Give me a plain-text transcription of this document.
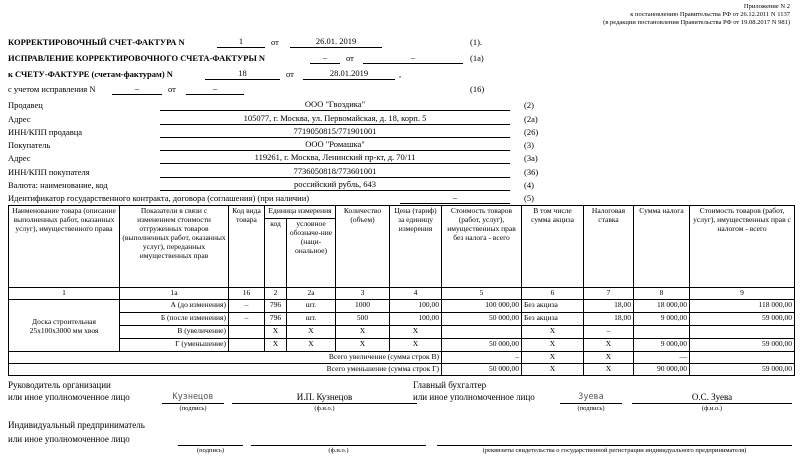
Приложение N 2
к постановлению Правительства РФ от 26.12.2011 N 1137
(в редакции постановления Правительства РФ от 19.08.2017 N 981)
КОРРЕКТИРОВОЧНЫЙ СЧЕТ-ФАКТУРА N	1	от	26.01. 2019	(1).
ИСПРАВЛЕНИЕ КОРРЕКТИРОВОЧНОГО СЧЕТА-ФАКТУРЫ N	–	от	–	(1а)
к СЧЕТУ-ФАКТУРЕ (счетам-фактурам) N	18	от	28.01.2019	,
с учетом исправления N	–	от	–	(16)
Продавец	ООО "Гвоздика"	(2)
Адрес	105077, г. Москва, ул. Первомайская, д. 18, корп. 5	(2а)
ИНН/КПП продавца	7719050815/771901001	(26)
Покупатель	ООО "Ромашка"	(3)
Адрес	119261, г. Москва, Ленинский пр-кт, д. 70/11	(3а)
ИНН/КПП покупателя	7736050818/773601001	(36)
Валюта: наименование, код	российский рубль, 643	(4)
Идентификатор государственного контракта, договора (соглашения) (при наличии)	–	(5)
Наименование товара (описание выполненных работ, оказанных услуг), имущественного права	Показатели в связи с изменением стоимости отгруженных товаров (выполненных работ, оказанных услуг), переданных имущественных прав	Код вида товара	Единица измерения		Количество (объем)	Цена (тариф) за единицу измерения	Стоимость товаров (работ, услуг), имущественных прав без налога - всего	В том числе сумма акциза	Налоговая ставка	Сумма налога	Стоимость товаров (работ, услуг), имущественных прав с налогом - всего
			код	условное обозначе-ние (наци-ональное)							
1	1а	16	2	2а	3	4	5	6	7	8	9
Доска строительная 25х100х3000 мм хвоя	А (до изменения)	–	796	шт.	1000	100,00	100 000,00	Без акциза	18,00	18 000,00	118 000,00
	Б (после изменения)	–	796	шт.	500	100,00	50 000,00	Без акциза	18,00	9 000,00	59 000,00
	В (увеличение)		Х	Х	Х	Х		Х	–		
	Г (уменьшение)		Х	Х	Х	Х	50 000,00	Х	Х	9 000,00	59 000,00
Всего увеличение (сумма строк В)							–	Х	Х	––	
Всего уменьшение (сумма строк Г)							50 000,00	Х	Х	90 000,00	59 000,00
Руководитель организации
или иное уполномоченное лицо	Кузнецов
(подпись)
И.П. Кузнецов
(ф.и.о.)
Главный бухгалтер
или иное уполномоченное лицо	Зуева
(подпись)
О.С. Зуева
(ф.и.о.)
Индивидуальный предприниматель
или иное уполномоченное лицо
(подпись)	(ф.и.о.)	(реквизиты свидетельства о государственной регистрации индивидуального предпринимателя)
